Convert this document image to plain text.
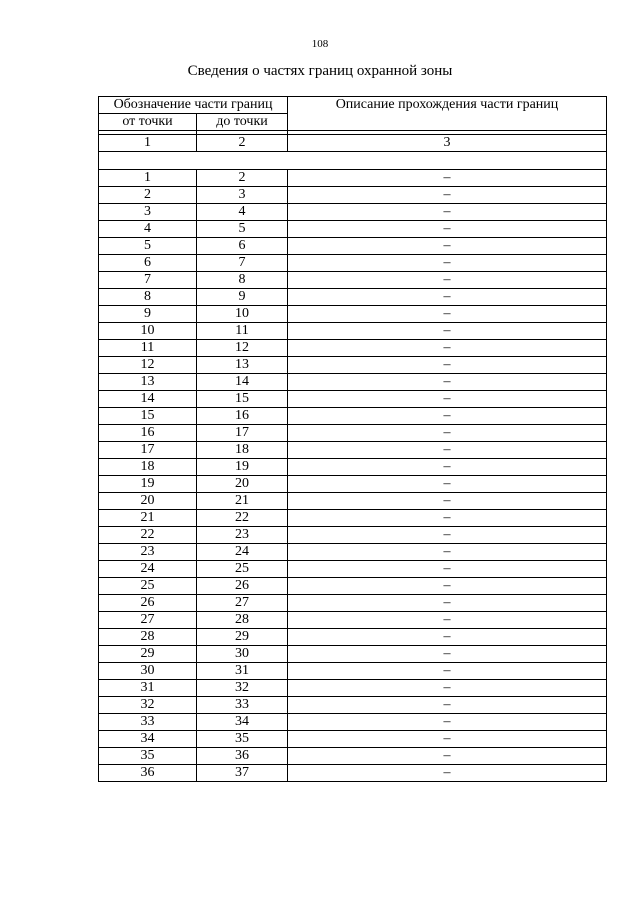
108
Сведения о частях границ охранной зоны
Обозначение части границ		Описание прохождения части границ
от точки	до точки	

1	2	3

1	2	–
2	3	–
3	4	–
4	5	–
5	6	–
6	7	–
7	8	–
8	9	–
9	10	–
10	11	–
11	12	–
12	13	–
13	14	–
14	15	–
15	16	–
16	17	–
17	18	–
18	19	–
19	20	–
20	21	–
21	22	–
22	23	–
23	24	–
24	25	–
25	26	–
26	27	–
27	28	–
28	29	–
29	30	–
30	31	–
31	32	–
32	33	–
33	34	–
34	35	–
35	36	–
36	37	–
